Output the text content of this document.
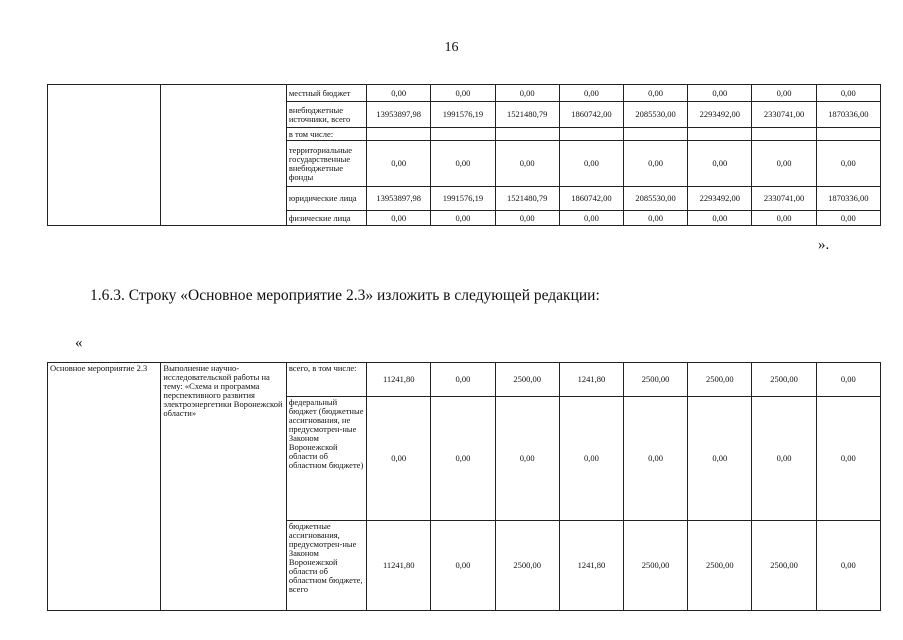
16
		местный бюджет	0,00	0,00	0,00	0,00	0,00	0,00	0,00	0,00
		внебюджетные источники, всего	13953897,98	1991576,19	1521480,79	1860742,00	2085530,00	2293492,00	2330741,00	1870336,00
		в том числе:								
		территориальные государственные внебюджетные фонды	0,00	0,00	0,00	0,00	0,00	0,00	0,00	0,00
		юридические лица	13953897,98	1991576,19	1521480,79	1860742,00	2085530,00	2293492,00	2330741,00	1870336,00
		физические лица	0,00	0,00	0,00	0,00	0,00	0,00	0,00	0,00
».
1.6.3. Строку «Основное мероприятие 2.3» изложить в следующей редакции:
«
Основное мероприятие 2.3	Выполнение научно-исследовательской работы на тему: «Схема и программа перспективного развития электроэнергетики Воронежской области»	всего, в том числе:	11241,80	0,00	2500,00	1241,80	2500,00	2500,00	2500,00	0,00
		федеральный бюджет (бюджетные ассигнования, не предусмотрен-ные Законом Воронежской области об областном бюджете)	0,00	0,00	0,00	0,00	0,00	0,00	0,00	0,00
		бюджетные ассигнования, предусмотрен-ные Законом Воронежской области об областном бюджете, всего	11241,80	0,00	2500,00	1241,80	2500,00	2500,00	2500,00	0,00
